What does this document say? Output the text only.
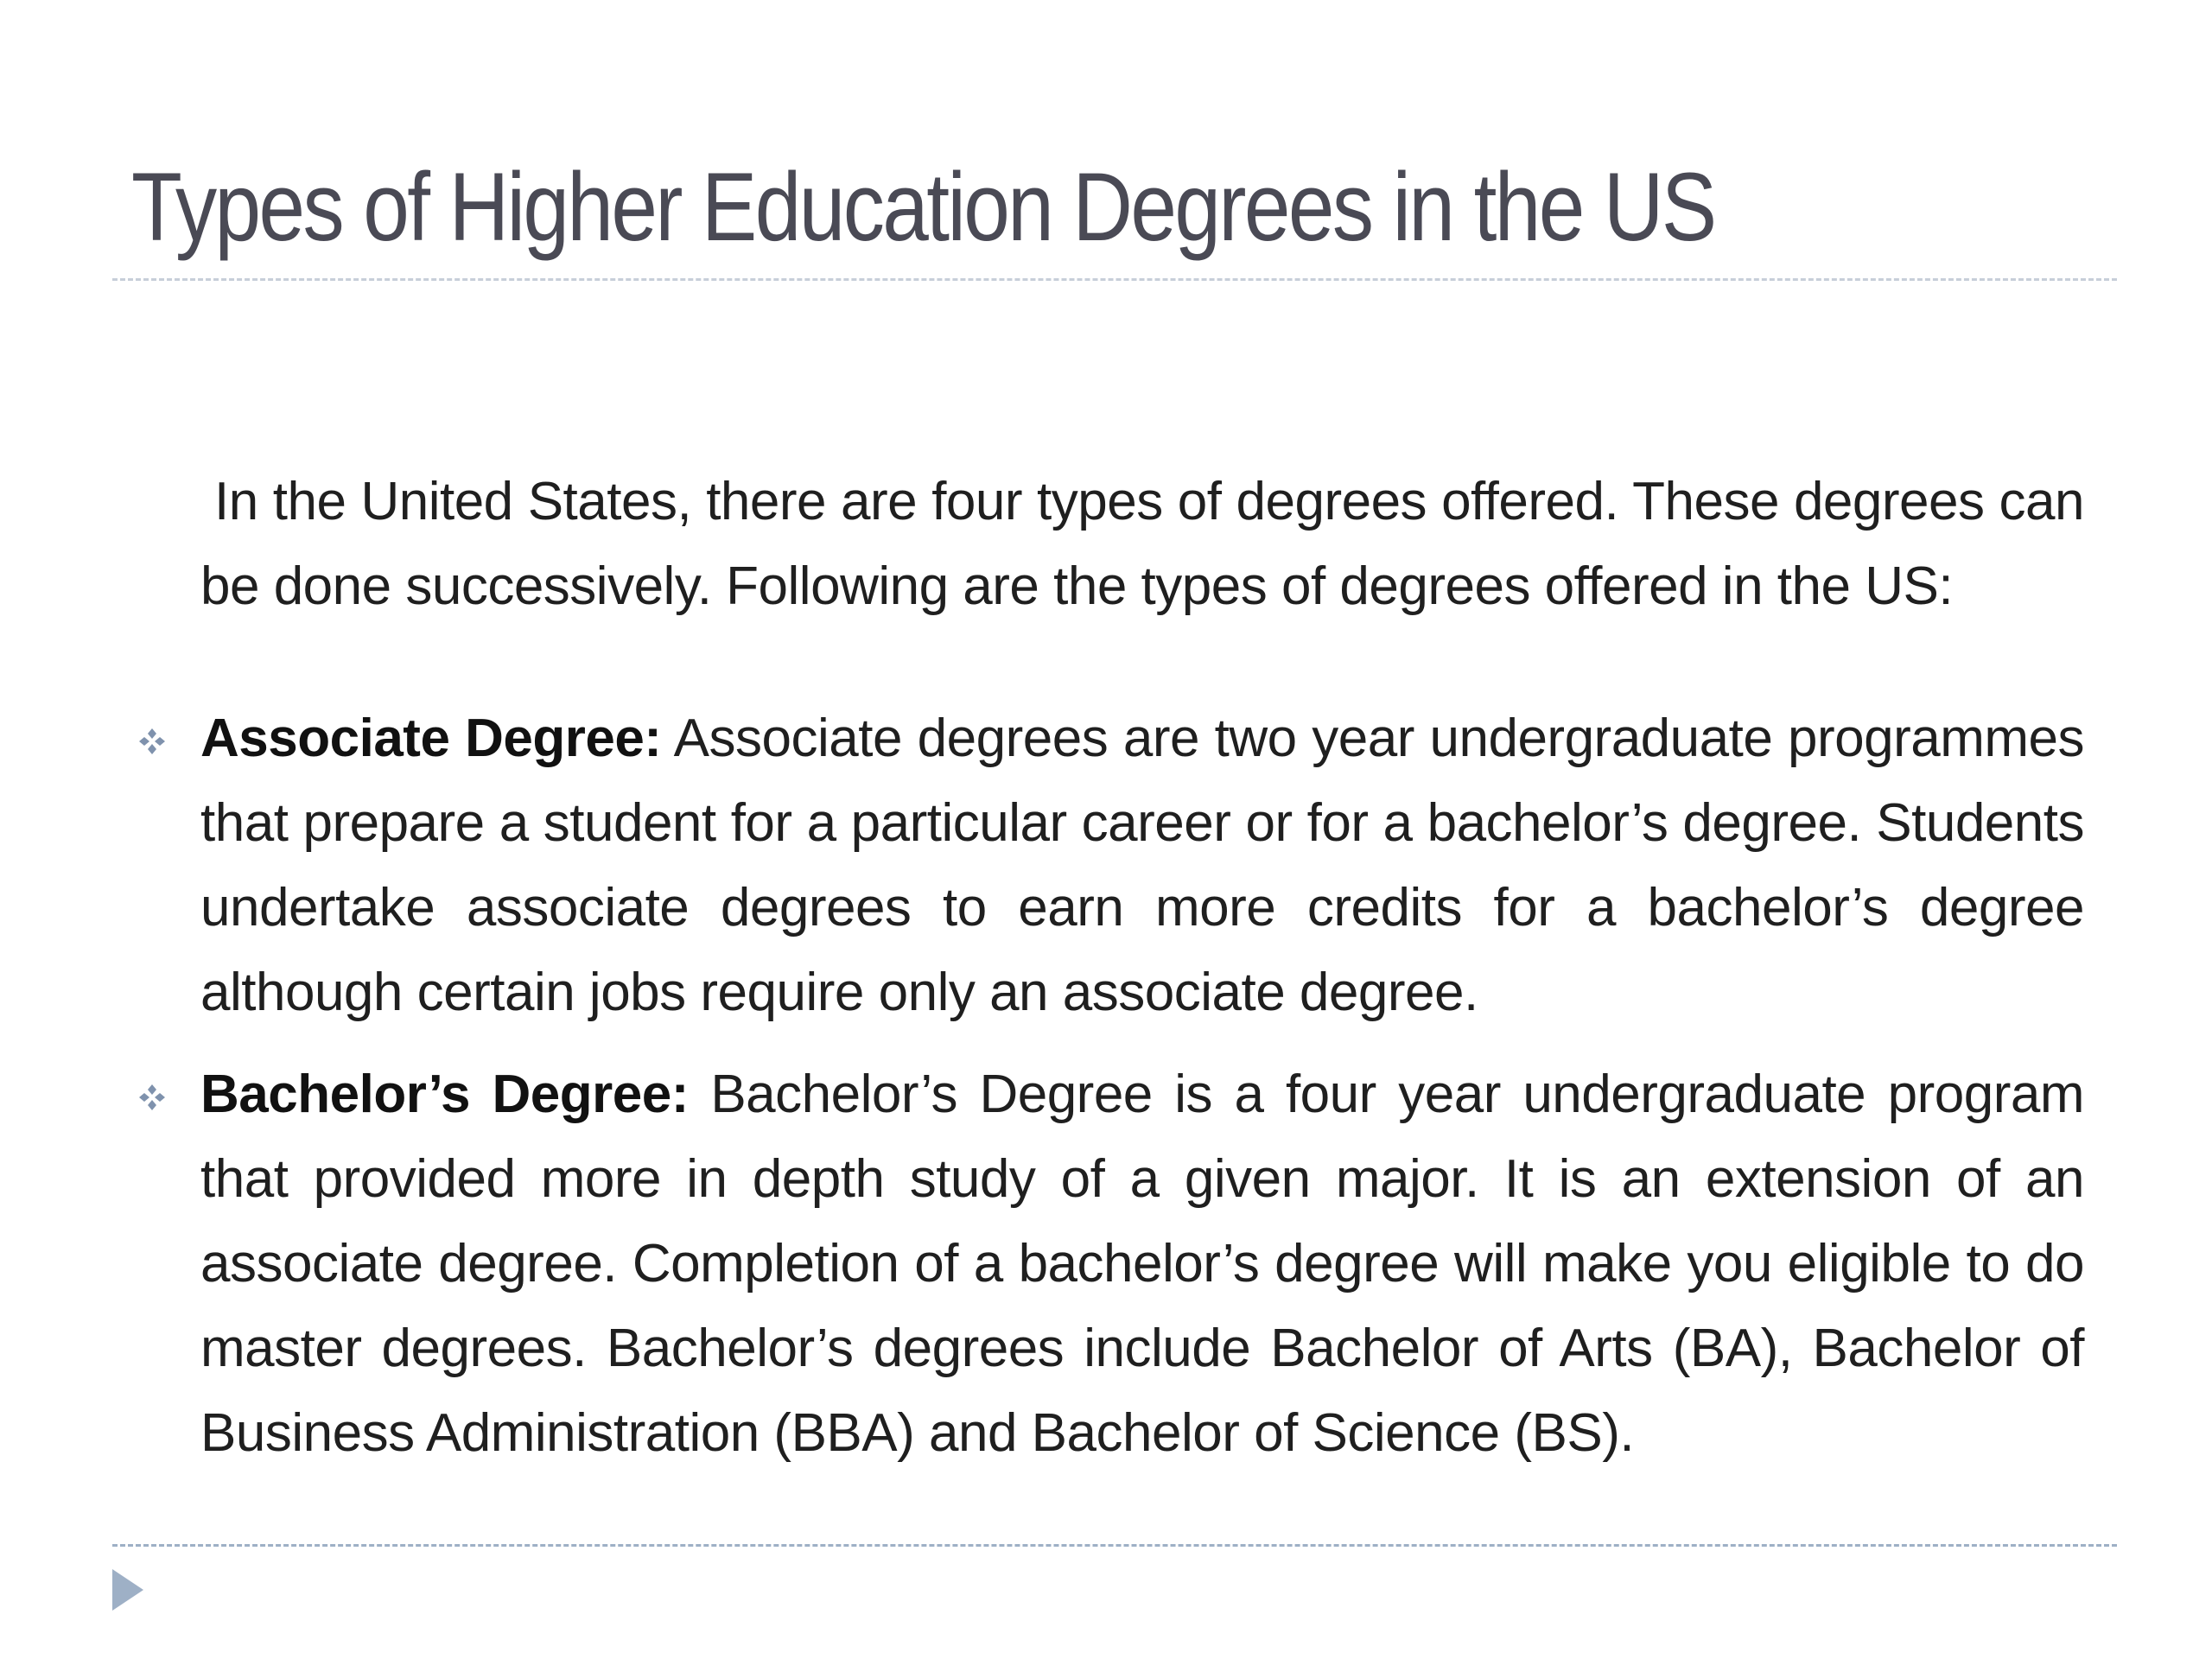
Types of Higher Education Degrees in the US

In the United States, there are four types of degrees offered. These degrees can be done successively. Following are the types of degrees offered in the US:

Associate Degree: Associate degrees are two year undergraduate programmes that prepare a student for a particular career or for a bachelor’s degree. Students undertake associate degrees to earn more credits for a bachelor’s degree although certain jobs require only an associate degree.
Bachelor’s Degree: Bachelor’s Degree is a four year undergraduate program that provided more in depth study of a given major. It is an extension of an associate degree. Completion of a bachelor’s degree will make you eligible to do master degrees. Bachelor’s degrees include Bachelor of Arts (BA), Bachelor of Business Administration (BBA) and Bachelor of Science (BS).
